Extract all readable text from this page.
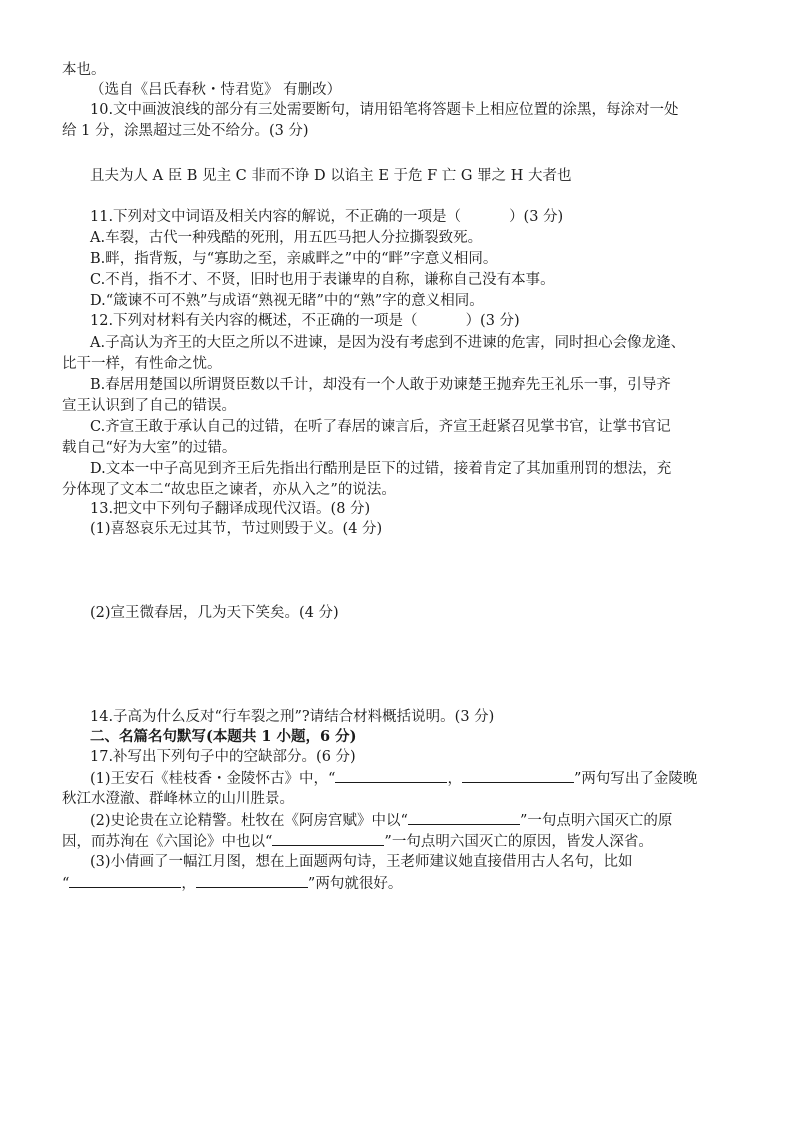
本也。
（选自《吕氏春秋・恃君览》 有删改）
10.文中画波浪线的部分有三处需要断句，请用铅笔将答题卡上相应位置的涂黑，每涂对一处
给 1 分，涂黑超过三处不给分。(3 分)
且夫为人 A 臣 B 见主 C 非而不诤 D 以谄主 E 于危 F 亡 G 罪之 H 大者也
11.下列对文中词语及相关内容的解说，不正确的一项是（	）(3 分)
A.车裂，古代一种残酷的死刑，用五匹马把人分拉撕裂致死。
B.畔，指背叛，与“寡助之至，亲戚畔之”中的“畔”字意义相同。
C.不肖，指不才、不贤，旧时也用于表谦卑的自称，谦称自己没有本事。
D.“箴谏不可不熟”与成语“熟视无睹”中的“熟”字的意义相同。
12.下列对材料有关内容的概述，不正确的一项是（	）(3 分)
A.子高认为齐王的大臣之所以不进谏，是因为没有考虑到不进谏的危害，同时担心会像龙逄、
比干一样，有性命之忧。
B.春居用楚国以所谓贤臣数以千计，却没有一个人敢于劝谏楚王抛弃先王礼乐一事，引导齐
宣王认识到了自己的错误。
C.齐宣王敢于承认自己的过错，在听了春居的谏言后，齐宣王赶紧召见掌书官，让掌书官记
载自己“好为大室”的过错。
D.文本一中子高见到齐王后先指出行酷刑是臣下的过错，接着肯定了其加重刑罚的想法，充
分体现了文本二“故忠臣之谏者，亦从入之”的说法。
13.把文中下列句子翻译成现代汉语。(8 分)
(1)喜怒哀乐无过其节，节过则毁于义。(4 分)
(2)宣王微春居，几为天下笑矣。(4 分)
14.子高为什么反对“行车裂之刑”?请结合材料概括说明。(3 分)
二、名篇名句默写(本题共 1 小题，6 分)
17.补写出下列句子中的空缺部分。(6 分)
(1)王安石《桂枝香・金陵怀古》中，“	，	”两句写出了金陵晚
秋江水澄澈、群峰林立的山川胜景。
(2)史论贵在立论精警。杜牧在《阿房宫赋》中以“	”一句点明六国灭亡的原
因，而苏洵在《六国论》中也以“	”一句点明六国灭亡的原因，皆发人深省。
(3)小倩画了一幅江月图，想在上面题两句诗，王老师建议她直接借用古人名句，比如
“	，	”两句就很好。
